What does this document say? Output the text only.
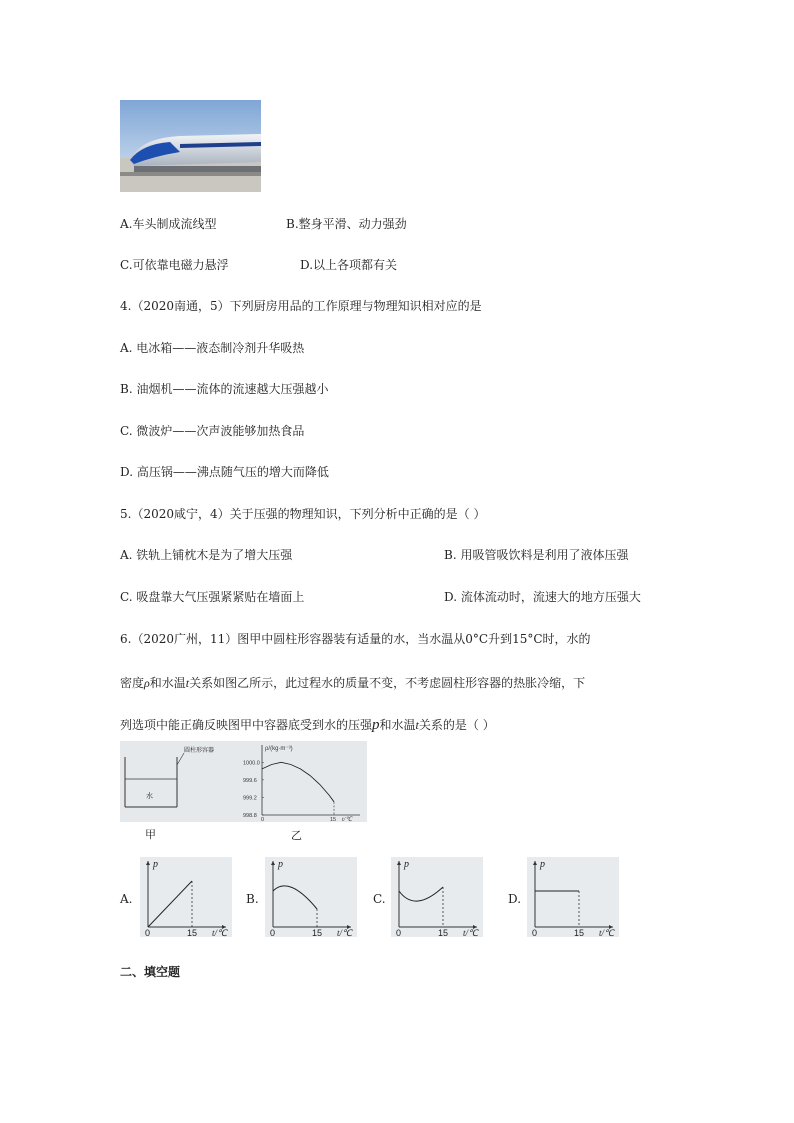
A.车头制成流线型	B.整身平滑、动力强劲
C.可依靠电磁力悬浮	D.以上各项都有关
4.（2020南通，5）下列厨房用品的工作原理与物理知识相对应的是
A. 电冰箱——液态制冷剂升华吸热
B. 油烟机——流体的流速越大压强越小
C. 微波炉——次声波能够加热食品
D. 高压锅——沸点随气压的增大而降低
5.（2020咸宁，4）关于压强的物理知识，下列分析中正确的是（ ）
A. 铁轨上铺枕木是为了增大压强	B. 用吸管吸饮料是利用了液体压强
C. 吸盘靠大气压强紧紧贴在墙面上	D. 流体流动时，流速大的地方压强大
6.（2020广州，11）图甲中圆柱形容器装有适量的水，当水温从0°C升到15°C时，水的
密度ρ和水温t关系如图乙所示，此过程水的质量不变，不考虑圆柱形容器的热胀冷缩，下
列选项中能正确反映图甲中容器底受到水的压强p和水温t关系的是（ ）
圆柱形容器
水
甲
ρ/(kg·m⁻³)
t/℃
1000.0
999.6
999.2
998.8
0	15
乙
A.
p
t/℃
0	15
B.
p
t/℃
0	15
C.
p
t/℃
0	15
D.
p
t/℃
0	15
二、填空题
